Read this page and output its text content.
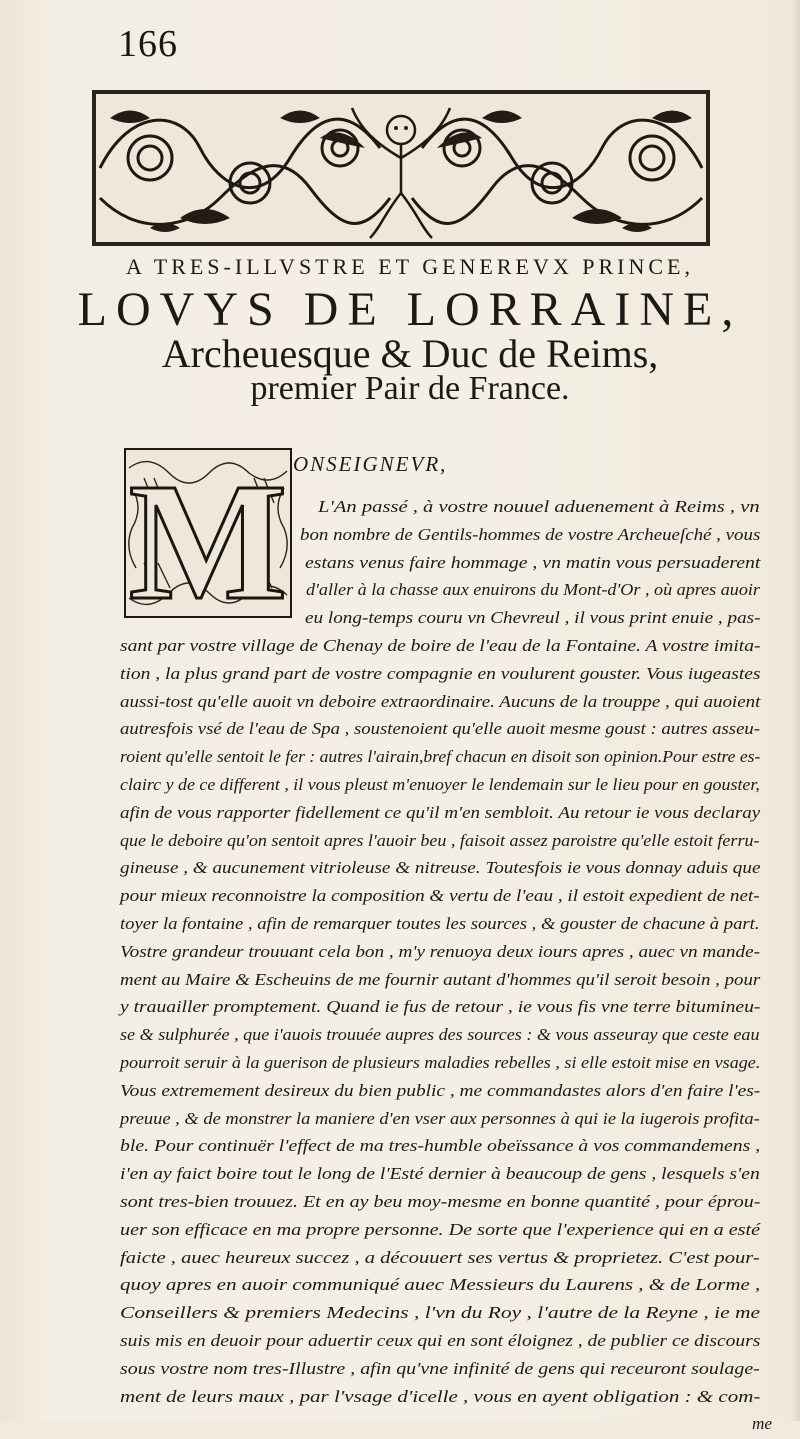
166
A TRES-ILLVSTRE ET GENEREVX PRINCE,
LOVYS DE LORRAINE,
Archeuesque & Duc de Reims,
premier Pair de France.
M ONSEIGNEVR,
L'An passé , à vostre nouuel aduenement à Reims , vn
bon nombre de Gentils-hommes de vostre Archeueſché , vous
estans venus faire hommage , vn matin vous persuaderent
d'aller à la chasse aux enuirons du Mont-d'Or , où apres auoir
eu long-temps couru vn Chevreul , il vous print enuie , pas-
sant par vostre village de Chenay de boire de l'eau de la Fontaine. A vostre imita-
tion , la plus grand part de vostre compagnie en voulurent gouster. Vous iugeastes
aussi-tost qu'elle auoit vn deboire extraordinaire. Aucuns de la trouppe , qui auoient
autresfois vsé de l'eau de Spa , soustenoient qu'elle auoit mesme goust : autres asseu-
roient qu'elle sentoit le fer : autres l'airain,bref chacun en disoit son opinion.Pour estre es-
clairc y de ce different , il vous pleust m'enuoyer le lendemain sur le lieu pour en gouster,
afin de vous rapporter fidellement ce qu'il m'en sembloit. Au retour ie vous declaray
que le deboire qu'on sentoit apres l'auoir beu , faisoit assez paroistre qu'elle estoit ferru-
gineuse , & aucunement vitrioleuse & nitreuse. Toutesfois ie vous donnay aduis que
pour mieux reconnoistre la composition & vertu de l'eau , il estoit expedient de net-
toyer la fontaine , afin de remarquer toutes les sources , & gouster de chacune à part.
Vostre grandeur trouuant cela bon , m'y renuoya deux iours apres , auec vn mande-
ment au Maire & Escheuins de me fournir autant d'hommes qu'il seroit besoin , pour
y trauailler promptement. Quand ie fus de retour , ie vous fis vne terre bitumineu-
se & sulphurée , que i'auois trouuée aupres des sources : & vous asseuray que ceste eau
pourroit seruir à la guerison de plusieurs maladies rebelles , si elle estoit mise en vsage.
Vous extremement desireux du bien public , me commandastes alors d'en faire l'es-
preuue , & de monstrer la maniere d'en vser aux personnes à qui ie la iugerois profita-
ble. Pour continuër l'effect de ma tres-humble obeïssance à vos commandemens ,
i'en ay faict boire tout le long de l'Esté dernier à beaucoup de gens , lesquels s'en
sont tres-bien trouuez. Et en ay beu moy-mesme en bonne quantité , pour éprou-
uer son efficace en ma propre personne. De sorte que l'experience qui en a esté
faicte , auec heureux succez , a découuert ses vertus & proprietez. C'est pour-
quoy apres en auoir communiqué auec Messieurs du Laurens , & de Lorme ,
Conseillers & premiers Medecins , l'vn du Roy , l'autre de la Reyne , ie me
suis mis en deuoir pour aduertir ceux qui en sont éloignez , de publier ce discours
sous vostre nom tres-Illustre , afin qu'vne infinité de gens qui receuront soulage-
ment de leurs maux , par l'vsage d'icelle , vous en ayent obligation : & com-
me
